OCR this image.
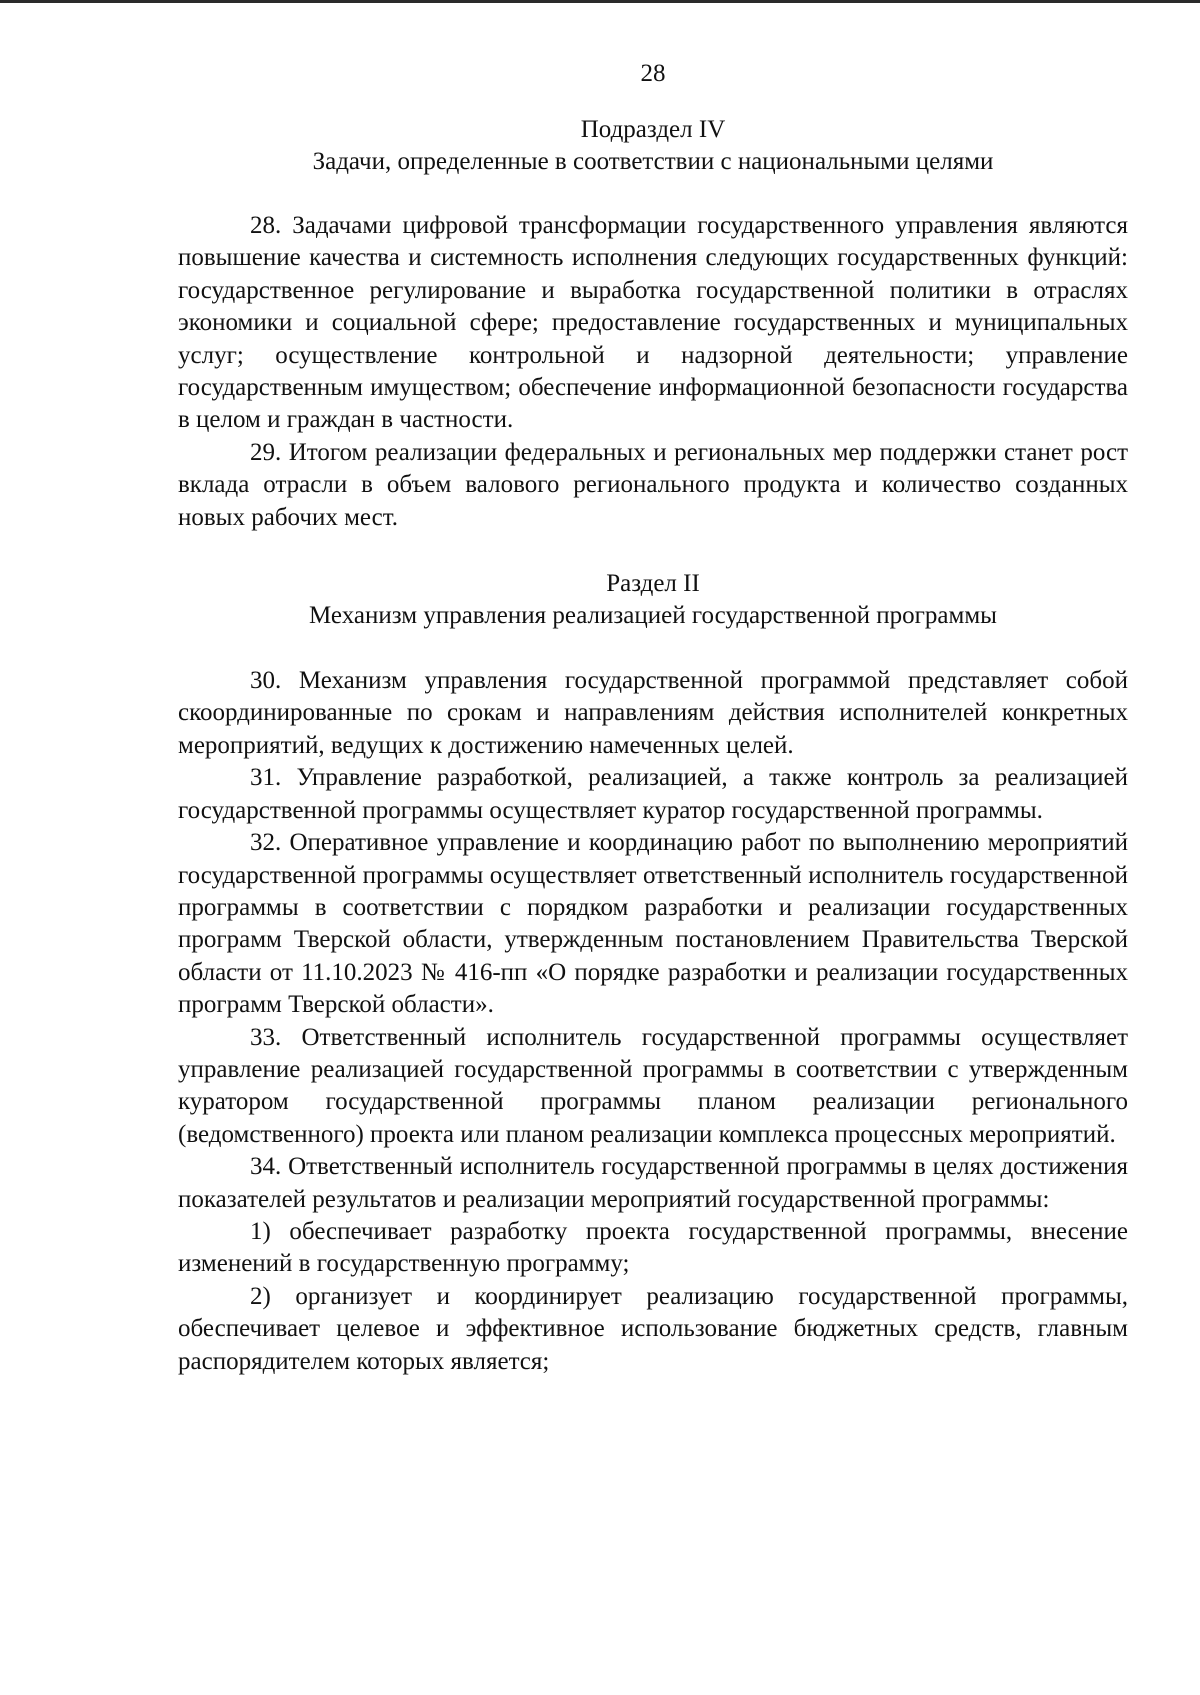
28
Подраздел IV
Задачи, определенные в соответствии с национальными целями

28. Задачами цифровой трансформации государственного управления являются повышение качества и системность исполнения следующих государственных функций: государственное регулирование и выработка государственной политики в отраслях экономики и социальной сфере; предоставление государственных и муниципальных услуг; осуществление контрольной и надзорной деятельности; управление государственным имуществом; обеспечение информационной безопасности государства в целом и граждан в частности.

29. Итогом реализации федеральных и региональных мер поддержки станет рост вклада отрасли в объем валового регионального продукта и количество созданных новых рабочих мест.

Раздел II
Механизм управления реализацией государственной программы

30. Механизм управления государственной программой представляет собой скоординированные по срокам и направлениям действия исполнителей конкретных мероприятий, ведущих к достижению намеченных целей.

31. Управление разработкой, реализацией, а также контроль за реализацией государственной программы осуществляет куратор государственной программы.

32. Оперативное управление и координацию работ по выполнению мероприятий государственной программы осуществляет ответственный исполнитель государственной программы в соответствии с порядком разработки и реализации государственных программ Тверской области, утвержденным постановлением Правительства Тверской области от 11.10.2023 № 416-пп «О порядке разработки и реализации государственных программ Тверской области».

33. Ответственный исполнитель государственной программы осуществляет управление реализацией государственной программы в соответствии с утвержденным куратором государственной программы планом реализации регионального (ведомственного) проекта или планом реализации комплекса процессных мероприятий.

34. Ответственный исполнитель государственной программы в целях достижения показателей результатов и реализации мероприятий государственной программы:

1) обеспечивает разработку проекта государственной программы, внесение изменений в государственную программу;

2) организует и координирует реализацию государственной программы, обеспечивает целевое и эффективное использование бюджетных средств, главным распорядителем которых является;
